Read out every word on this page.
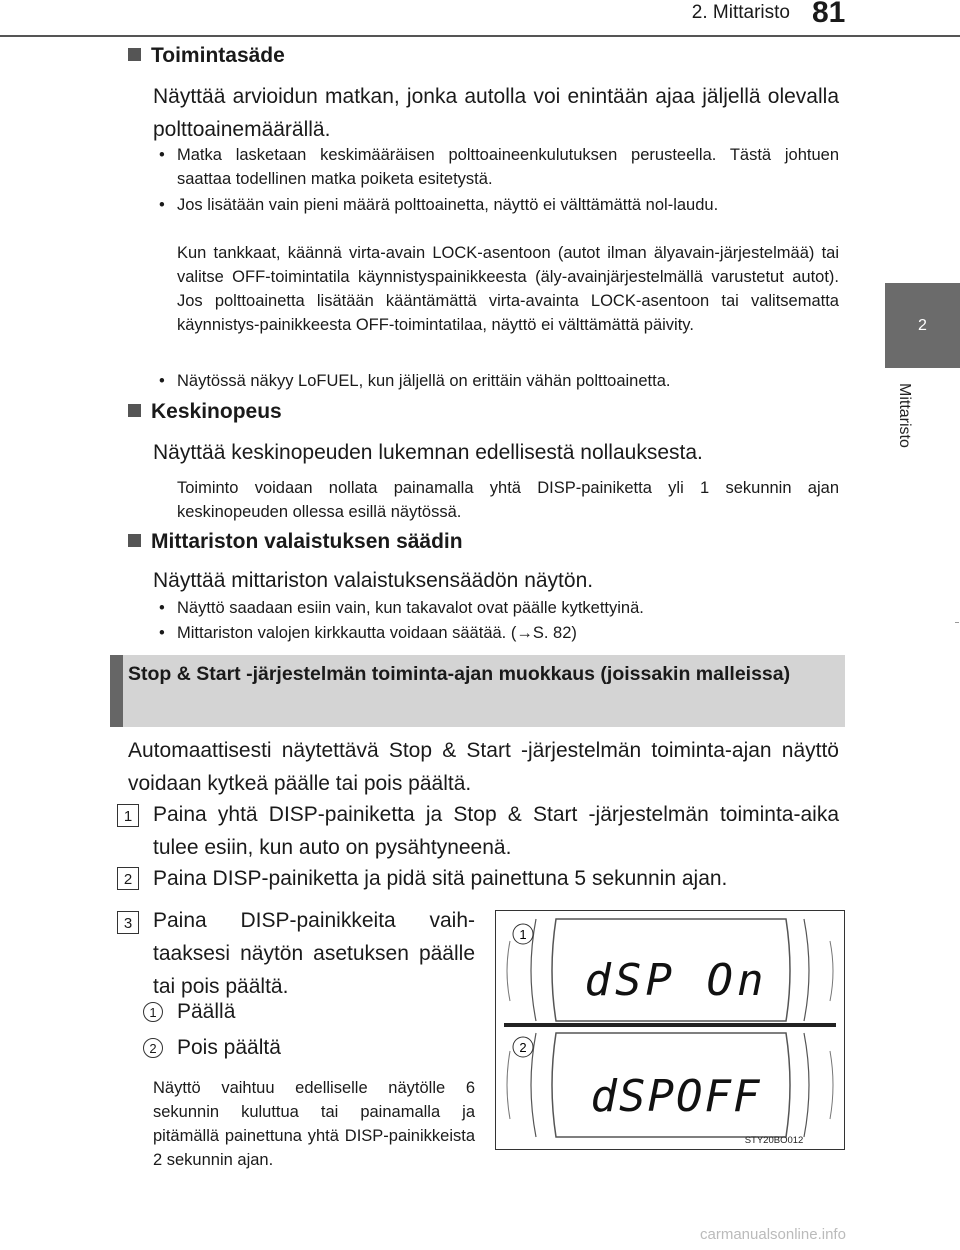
2. Mittaristo 81
2
Mittaristo
Toimintasäde
Näyttää arvioidun matkan, jonka autolla voi enintään ajaa jäljellä olevalla polttoainemäärällä.
• Matka lasketaan keskimääräisen polttoaineenkulutuksen perusteella. Tästä johtuen saattaa todellinen matka poiketa esitetystä.
• Jos lisätään vain pieni määrä polttoainetta, näyttö ei välttämättä nol-laudu.
Kun tankkaat, käännä virta-avain LOCK-asentoon (autot ilman älyavain-järjestelmää) tai valitse OFF-toimintatila käynnistyspainikkeesta (äly-avainjärjestelmällä varustetut autot). Jos polttoainetta lisätään kääntämättä virta-avainta LOCK-asentoon tai valitsematta käynnistys-painikkeesta OFF-toimintatilaa, näyttö ei välttämättä päivity.
• Näytössä näkyy LoFUEL, kun jäljellä on erittäin vähän polttoainetta.
Keskinopeus
Näyttää keskinopeuden lukemnan edellisestä nollauksesta.
Toiminto voidaan nollata painamalla yhtä DISP-painiketta yli 1 sekunnin ajan keskinopeuden ollessa esillä näytössä.
Mittariston valaistuksen säädin
Näyttää mittariston valaistuksensäädön näytön.
• Näyttö saadaan esiin vain, kun takavalot ovat päälle kytkettyinä.
• Mittariston valojen kirkkautta voidaan säätää. (→S. 82)
Stop & Start -järjestelmän toiminta-ajan muokkaus (joissakin malleissa)
Automaattisesti näytettävä Stop & Start -järjestelmän toiminta-ajan näyttö voidaan kytkeä päälle tai pois päältä.
1 Paina yhtä DISP-painiketta ja Stop & Start -järjestelmän toiminta-aika tulee esiin, kun auto on pysähtyneenä.
2 Paina DISP-painiketta ja pidä sitä painettuna 5 sekunnin ajan.
3 Paina DISP-painikkeita vaih-taaksesi näytön asetuksen päälle tai pois päältä.
1 Päällä
2 Pois päältä
Näyttö vaihtuu edelliselle näytölle 6 sekunnin kuluttua tai painamalla ja pitämällä painettuna yhtä DISP-painikkeista 2 sekunnin ajan.
1
2
dSP On
dSPOFF
STY20BO012
carmanualsonline.info
